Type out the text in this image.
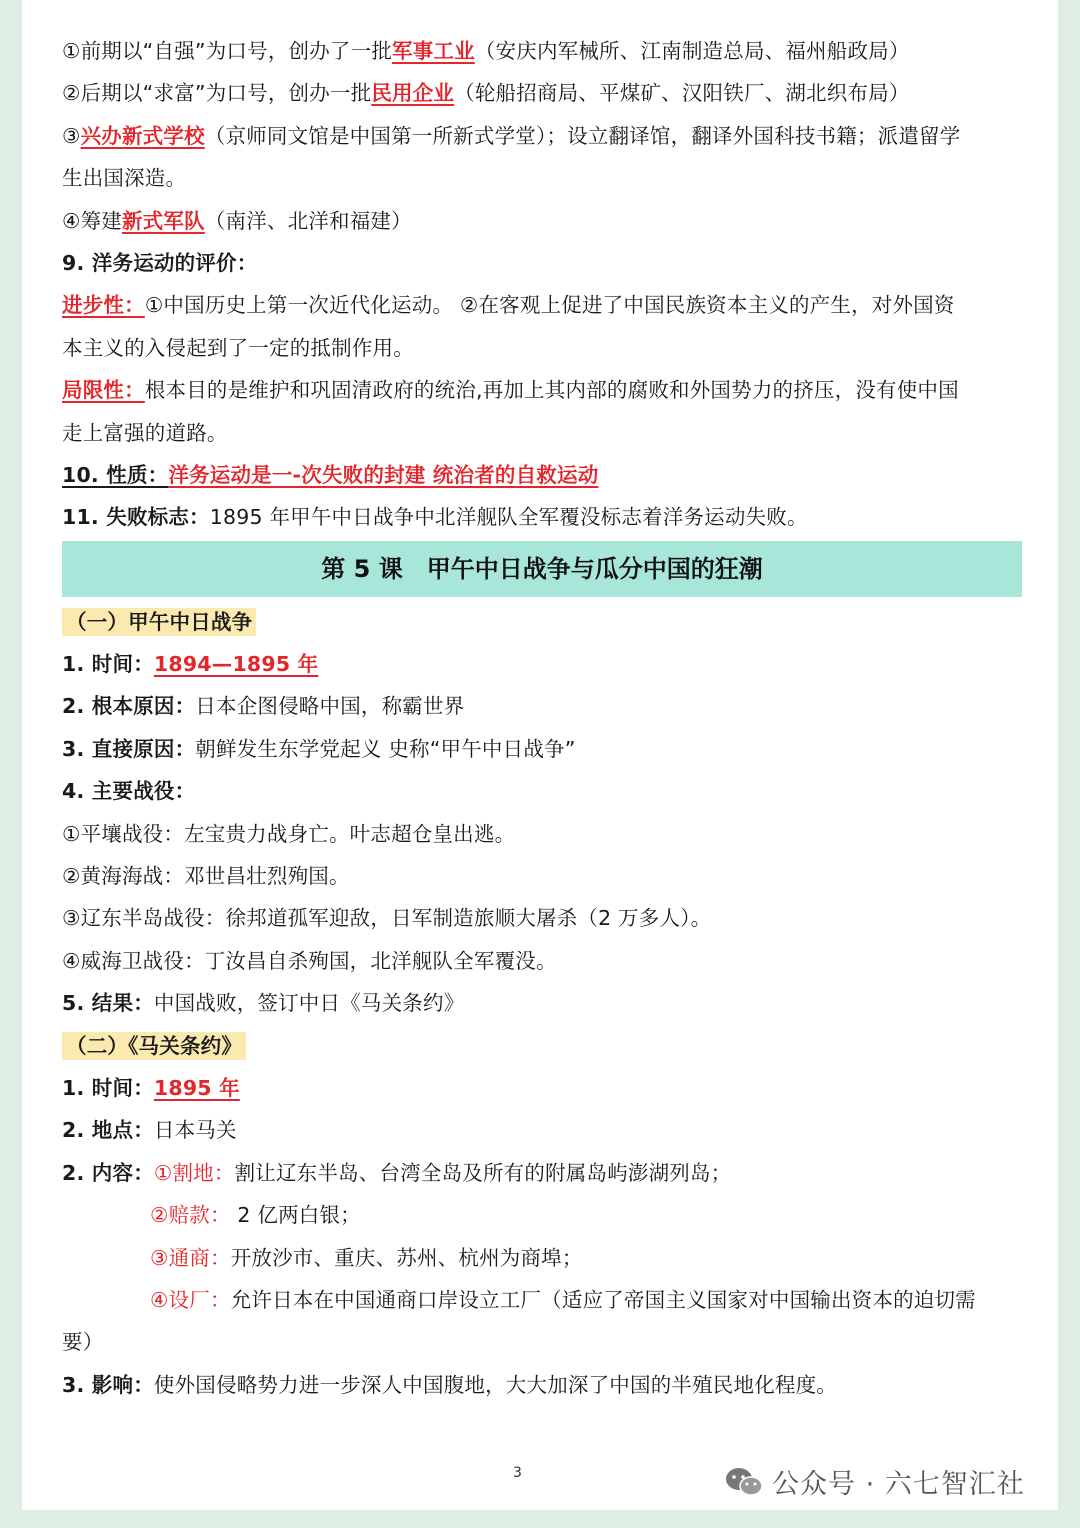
①前期以“自强”为口号，创办了一批军事工业（安庆内军械所、江南制造总局、福州船政局）
②后期以“求富”为口号，创办一批民用企业（轮船招商局、平煤矿、汉阳铁厂、湖北织布局）
③兴办新式学校（京师同文馆是中国第一所新式学堂）；设立翻译馆，翻译外国科技书籍；派遣留学
生出国深造。
④筹建新式军队（南洋、北洋和福建）
9. 洋务运动的评价：
进步性：①中国历史上第一次近代化运动。 ②在客观上促进了中国民族资本主义的产生，对外国资
本主义的入侵起到了一定的抵制作用。
局限性：根本目的是维护和巩固清政府的统治,再加上其内部的腐败和外国势力的挤压，没有使中国
走上富强的道路。
10. 性质：洋务运动是一-次失败的封建 统治者的自救运动
11. 失败标志：1895 年甲午中日战争中北洋舰队全军覆没标志着洋务运动失败。
第 5 课　甲午中日战争与瓜分中国的狂潮
（一）甲午中日战争
1. 时间：1894—1895 年
2. 根本原因：日本企图侵略中国，称霸世界
3. 直接原因：朝鲜发生东学党起义 史称“甲午中日战争”
4. 主要战役：
①平壤战役：左宝贵力战身亡。叶志超仓皇出逃。
②黄海海战：邓世昌壮烈殉国。
③辽东半岛战役：徐邦道孤军迎敌，日军制造旅顺大屠杀（2 万多人）。
④威海卫战役：丁汝昌自杀殉国，北洋舰队全军覆没。
5. 结果：中国战败，签订中日《马关条约》
（二）《马关条约》
1. 时间：1895 年
2. 地点：日本马关
2. 内容：①割地：割让辽东半岛、台湾全岛及所有的附属岛屿澎湖列岛；
②赔款： 2 亿两白银；
③通商：开放沙市、重庆、苏州、杭州为商埠；
④设厂：允许日本在中国通商口岸设立工厂（适应了帝国主义国家对中国输出资本的迫切需
要）
3. 影响：使外国侵略势力进一步深人中国腹地，大大加深了中国的半殖民地化程度。
3	公众号 · 六七智汇社
